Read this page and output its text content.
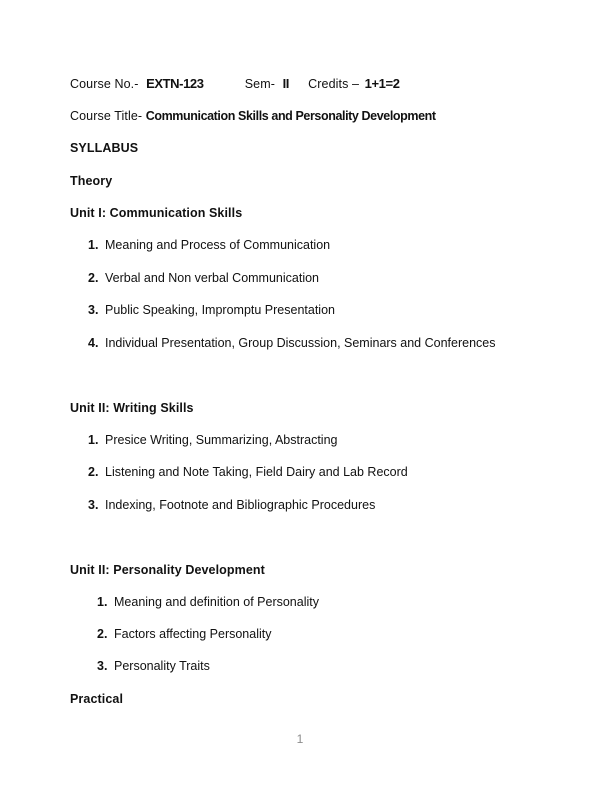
Course No.- EXTN-123	Sem- II Credits – 1+1=2
Course Title- Communication Skills and Personality Development
SYLLABUS
Theory
Unit I: Communication Skills
1. Meaning and Process of Communication
2. Verbal and Non verbal Communication
3. Public Speaking, Impromptu Presentation
4. Individual Presentation, Group Discussion, Seminars and Conferences
Unit II: Writing Skills
1. Presice Writing, Summarizing, Abstracting
2. Listening and Note Taking, Field Dairy and Lab Record
3. Indexing, Footnote and Bibliographic Procedures
Unit II: Personality Development
1. Meaning and definition of Personality
2. Factors affecting Personality
3. Personality Traits
Practical
1
